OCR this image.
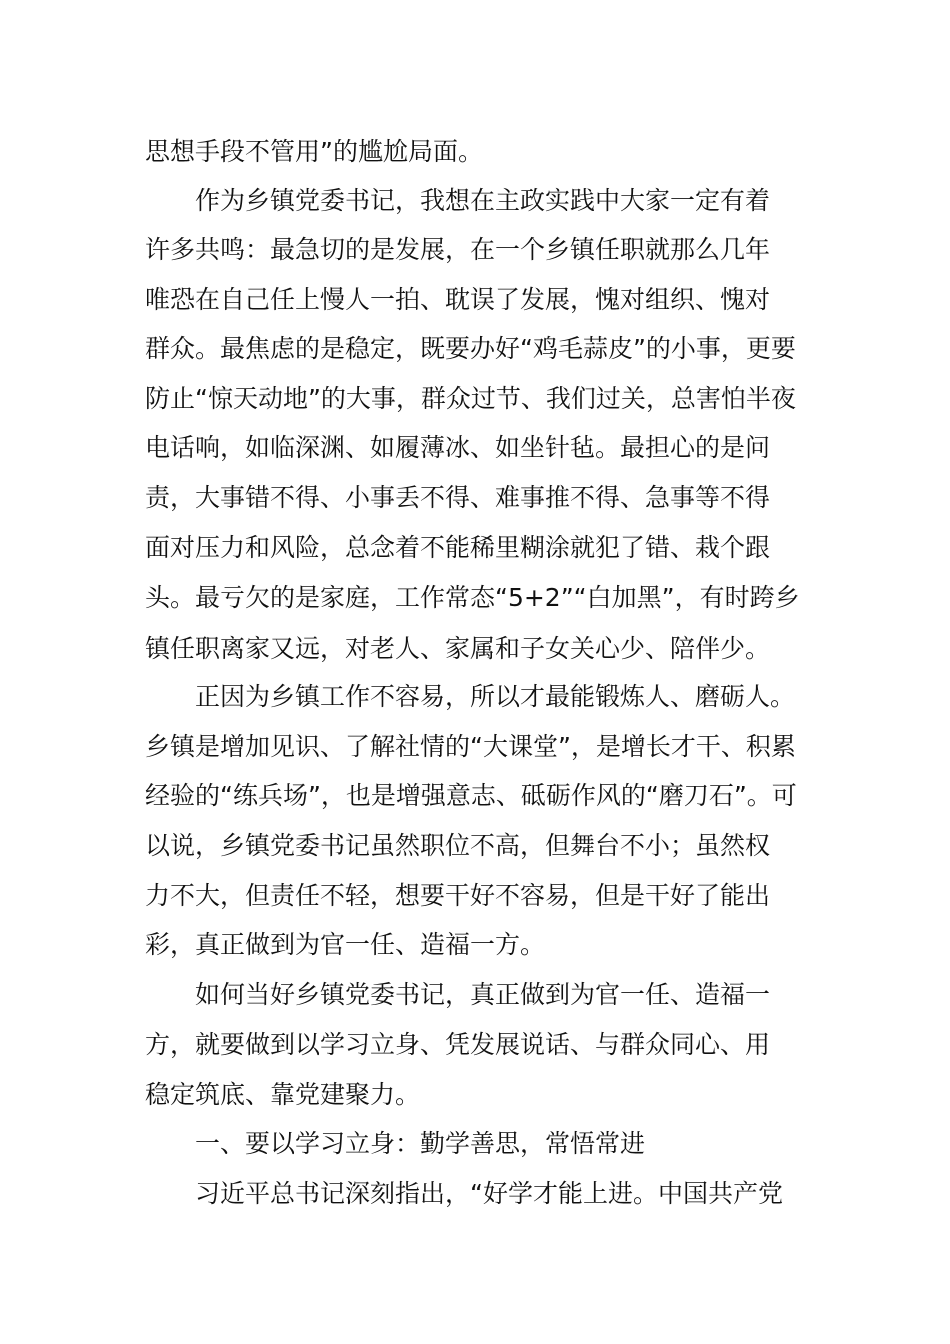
思想手段不管用”的尴尬局面。
作为乡镇党委书记，我想在主政实践中大家一定有着
许多共鸣：最急切的是发展，在一个乡镇任职就那么几年
唯恐在自己任上慢人一拍、耽误了发展，愧对组织、愧对
群众。最焦虑的是稳定，既要办好“鸡毛蒜皮”的小事，更要
防止“惊天动地”的大事，群众过节、我们过关，总害怕半夜
电话响，如临深渊、如履薄冰、如坐针毡。最担心的是问
责，大事错不得、小事丢不得、难事推不得、急事等不得
面对压力和风险，总念着不能稀里糊涂就犯了错、栽个跟
头。最亏欠的是家庭，工作常态“5+2”“白加黑”，有时跨乡
镇任职离家又远，对老人、家属和子女关心少、陪伴少。
正因为乡镇工作不容易，所以才最能锻炼人、磨砺人。
乡镇是增加见识、了解社情的“大课堂”，是增长才干、积累
经验的“练兵场”，也是增强意志、砥砺作风的“磨刀石”。可
以说，乡镇党委书记虽然职位不高，但舞台不小；虽然权
力不大，但责任不轻，想要干好不容易，但是干好了能出
彩，真正做到为官一任、造福一方。
如何当好乡镇党委书记，真正做到为官一任、造福一
方，就要做到以学习立身、凭发展说话、与群众同心、用
稳定筑底、靠党建聚力。
一、要以学习立身：勤学善思，常悟常进
习近平总书记深刻指出，“好学才能上进。中国共产党
